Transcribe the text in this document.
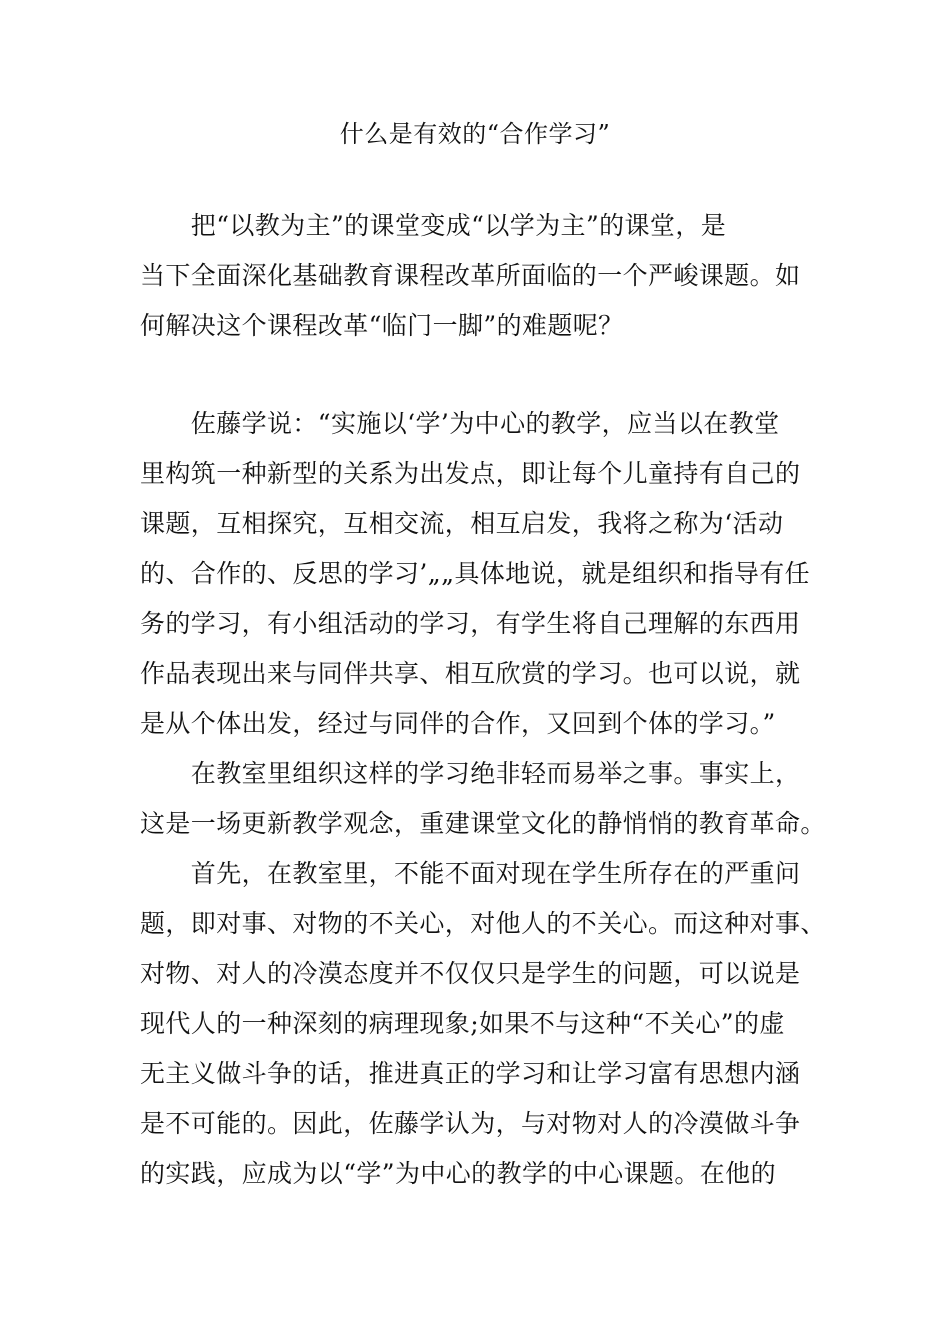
什么是有效的“合作学习”
　　把“以教为主”的课堂变成“以学为主”的课堂，是
当下全面深化基础教育课程改革所面临的一个严峻课题。如
何解决这个课程改革“临门一脚”的难题呢？
　　佐藤学说：“实施以‘学’为中心的教学，应当以在教堂
里构筑一种新型的关系为出发点，即让每个儿童持有自己的
课题，互相探究，互相交流，相互启发，我将之称为‘活动
的、合作的、反思的学习’„„具体地说，就是组织和指导有任
务的学习，有小组活动的学习，有学生将自己理解的东西用
作品表现出来与同伴共享、相互欣赏的学习。也可以说，就
是从个体出发，经过与同伴的合作，又回到个体的学习。”
　　在教室里组织这样的学习绝非轻而易举之事。事实上，
这是一场更新教学观念，重建课堂文化的静悄悄的教育革命。
　　首先，在教室里，不能不面对现在学生所存在的严重问
题，即对事、对物的不关心，对他人的不关心。而这种对事、
对物、对人的冷漠态度并不仅仅只是学生的问题，可以说是
现代人的一种深刻的病理现象;如果不与这种“不关心”的虚
无主义做斗争的话，推进真正的学习和让学习富有思想内涵
是不可能的。因此，佐藤学认为，与对物对人的冷漠做斗争
的实践，应成为以“学”为中心的教学的中心课题。在他的
